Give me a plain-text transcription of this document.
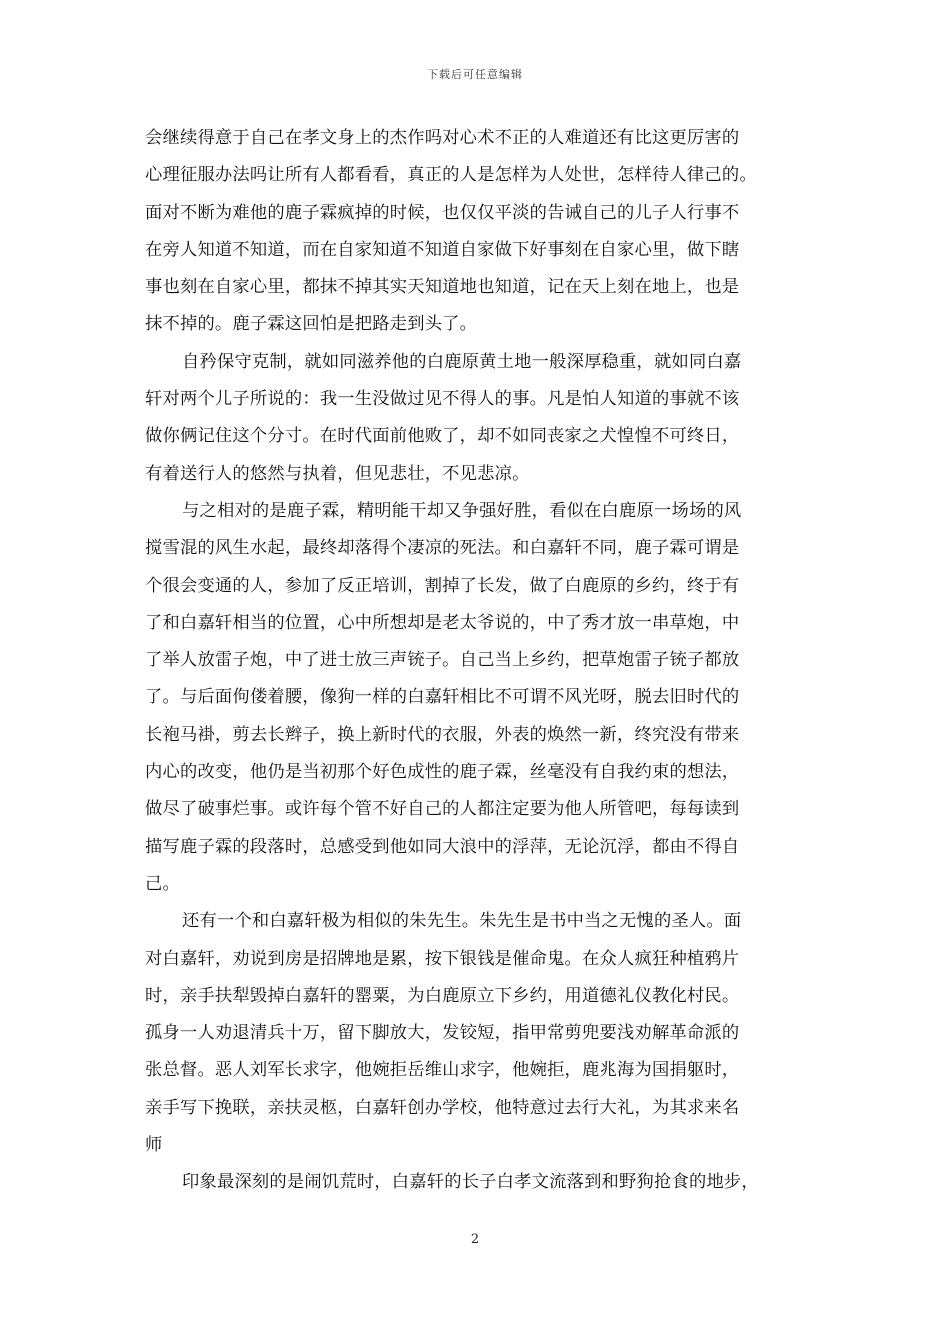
下载后可任意编辑
会继续得意于自己在孝文身上的杰作吗对心术不正的人难道还有比这更厉害的
心理征服办法吗让所有人都看看，真正的人是怎样为人处世，怎样待人律己的。
面对不断为难他的鹿子霖疯掉的时候，也仅仅平淡的告诫自己的儿子人行事不
在旁人知道不知道，而在自家知道不知道自家做下好事刻在自家心里，做下瞎
事也刻在自家心里，都抹不掉其实天知道地也知道，记在天上刻在地上，也是
抹不掉的。鹿子霖这回怕是把路走到头了。
自矜保守克制，就如同滋养他的白鹿原黄土地一般深厚稳重，就如同白嘉
轩对两个儿子所说的：我一生没做过见不得人的事。凡是怕人知道的事就不该
做你俩记住这个分寸。在时代面前他败了，却不如同丧家之犬惶惶不可终日，
有着送行人的悠然与执着，但见悲壮，不见悲凉。
与之相对的是鹿子霖，精明能干却又争强好胜，看似在白鹿原一场场的风
搅雪混的风生水起，最终却落得个凄凉的死法。和白嘉轩不同，鹿子霖可谓是
个很会变通的人，参加了反正培训，割掉了长发，做了白鹿原的乡约，终于有
了和白嘉轩相当的位置，心中所想却是老太爷说的，中了秀才放一串草炮，中
了举人放雷子炮，中了进士放三声铳子。自己当上乡约，把草炮雷子铳子都放
了。与后面佝偻着腰，像狗一样的白嘉轩相比不可谓不风光呀，脱去旧时代的
长袍马褂，剪去长辫子，换上新时代的衣服，外表的焕然一新，终究没有带来
内心的改变，他仍是当初那个好色成性的鹿子霖，丝毫没有自我约束的想法，
做尽了破事烂事。或许每个管不好自己的人都注定要为他人所管吧，每每读到
描写鹿子霖的段落时，总感受到他如同大浪中的浮萍，无论沉浮，都由不得自
己。
还有一个和白嘉轩极为相似的朱先生。朱先生是书中当之无愧的圣人。面
对白嘉轩，劝说到房是招牌地是累，按下银钱是催命鬼。在众人疯狂种植鸦片
时，亲手扶犁毁掉白嘉轩的罂粟，为白鹿原立下乡约，用道德礼仪教化村民。
孤身一人劝退清兵十万，留下脚放大，发铰短，指甲常剪兜要浅劝解革命派的
张总督。恶人刘军长求字，他婉拒岳维山求字，他婉拒，鹿兆海为国捐躯时，
亲手写下挽联，亲扶灵柩，白嘉轩创办学校，他特意过去行大礼，为其求来名
师
印象最深刻的是闹饥荒时，白嘉轩的长子白孝文流落到和野狗抢食的地步，
2
